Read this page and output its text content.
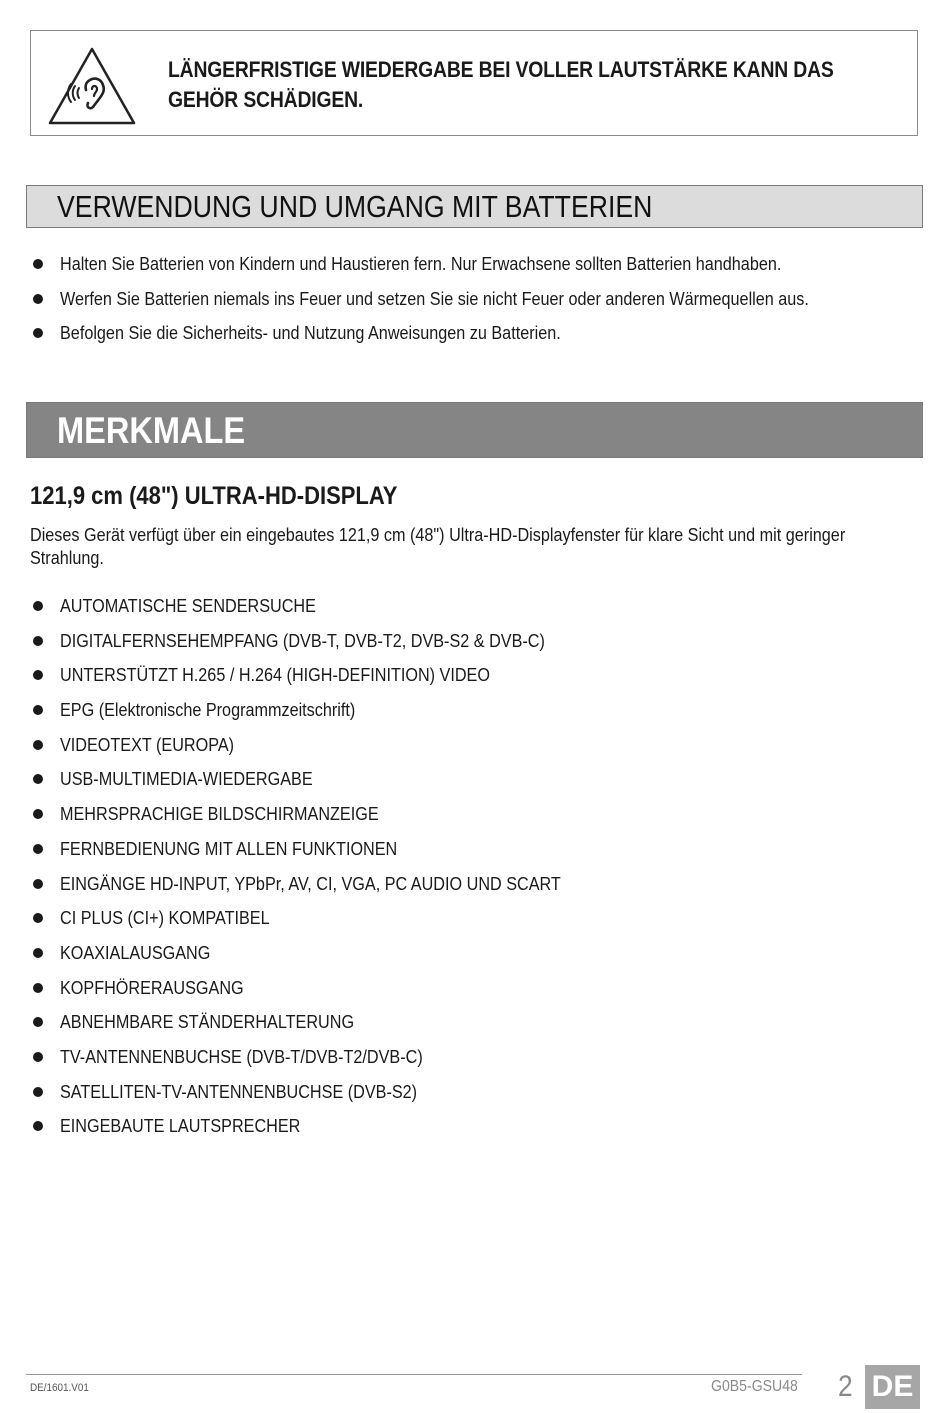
LÄNGERFRISTIGE WIEDERGABE BEI VOLLER LAUTSTÄRKE KANN DAS
GEHÖR SCHÄDIGEN.
VERWENDUNG UND UMGANG MIT BATTERIEN
Halten Sie Batterien von Kindern und Haustieren fern. Nur Erwachsene sollten Batterien handhaben.
Werfen Sie Batterien niemals ins Feuer und setzen Sie sie nicht Feuer oder anderen Wärmequellen aus.
Befolgen Sie die Sicherheits- und Nutzung Anweisungen zu Batterien.
MERKMALE
121,9 cm (48") ULTRA-HD-DISPLAY
Dieses Gerät verfügt über ein eingebautes 121,9 cm (48") Ultra-HD-Displayfenster für klare Sicht und mit geringer
Strahlung.
AUTOMATISCHE SENDERSUCHE
DIGITALFERNSEHEMPFANG (DVB-T, DVB-T2, DVB-S2 & DVB-C)
UNTERSTÜTZT H.265 / H.264 (HIGH-DEFINITION) VIDEO
EPG (Elektronische Programmzeitschrift)
VIDEOTEXT (EUROPA)
USB-MULTIMEDIA-WIEDERGABE
MEHRSPRACHIGE BILDSCHIRMANZEIGE
FERNBEDIENUNG MIT ALLEN FUNKTIONEN
EINGÄNGE HD-INPUT, YPbPr, AV, CI, VGA, PC AUDIO UND SCART
CI PLUS (CI+) KOMPATIBEL
KOAXIALAUSGANG
KOPFHÖRERAUSGANG
ABNEHMBARE STÄNDERHALTERUNG
TV-ANTENNENBUCHSE (DVB-T/DVB-T2/DVB-C)
SATELLITEN-TV-ANTENNENBUCHSE (DVB-S2)
EINGEBAUTE LAUTSPRECHER
DE/1601.V01	G0B5-GSU48 2 DE
